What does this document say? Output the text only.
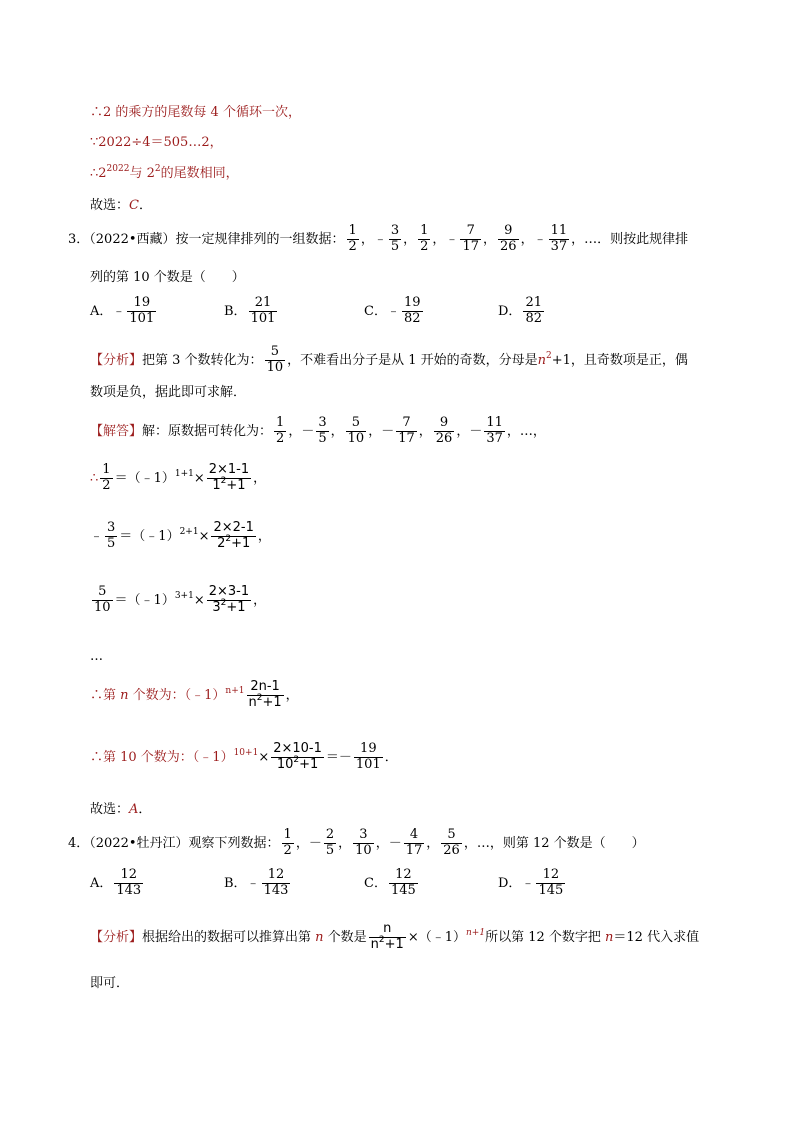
∴2 的乘方的尾数每 4 个循环一次，
∵2022÷4＝505…2，
$\therefore 2^{2022}$与 $2^2$的尾数相同，
故选：C．
3．（2022•西藏）按一定规律排列的一组数据： $\frac{1}{2}$ ，﹣ $\frac{3}{5}$ ， $\frac{1}{2}$ ，﹣ $\frac{7}{17}$ ， $\frac{9}{26}$ ，﹣ $\frac{11}{37}$ ，…．则按此规律排
列的第 10 个数是（　　）
A．﹣ $\frac{19}{101}$	B． $\frac{21}{101}$	C．﹣ $\frac{19}{82}$	D． $\frac{21}{82}$
【分析】把第 3 个数转化为： $\frac{5}{10}$ ，不难看出分子是从 1 开始的奇数，分母是$n^2+1$，且奇数项是正，偶
数项是负，据此即可求解．
【解答】解：原数据可转化为： $\frac{1}{2}$ ，－ $\frac{3}{5}$ ， $\frac{5}{10}$ ，－ $\frac{7}{17}$ ， $\frac{9}{26}$ ，－ $\frac{11}{37}$ ，…，
∴ $\frac{1}{2}$ ＝（﹣1）$^{1+1}$× $\frac{2\times 1-1}{1^2+1}$ ，
﹣ $\frac{3}{5}$ ＝（﹣1）$^{2+1}$× $\frac{2\times 2-1}{2^2+1}$ ，
$\frac{5}{10}$ ＝（﹣1）$^{3+1}$× $\frac{2\times 3-1}{3^2+1}$ ，
…
∴第 n 个数为：（﹣1）$^{n+1}$ $\frac{2n-1}{n^2+1}$ ，
∴第 10 个数为：（﹣1）$^{10+1}$× $\frac{2\times 10-1}{10^2+1} =- \frac{19}{101}$ ．
故选：A．
4．（2022•牡丹江）观察下列数据： $\frac{1}{2}$ ，－ $\frac{2}{5}$ ， $\frac{3}{10}$ ，－ $\frac{4}{17}$ ， $\frac{5}{26}$ ，…，则第 12 个数是（　　）
A． $\frac{12}{143}$	B．﹣ $\frac{12}{143}$	C． $\frac{12}{145}$	D．﹣ $\frac{12}{145}$
【分析】根据给出的数据可以推算出第 n 个数是 $\frac{n}{n^2+1}$ ×（﹣1）$^{n+1}$所以第 12 个数字把 n＝12 代入求值
即可．
